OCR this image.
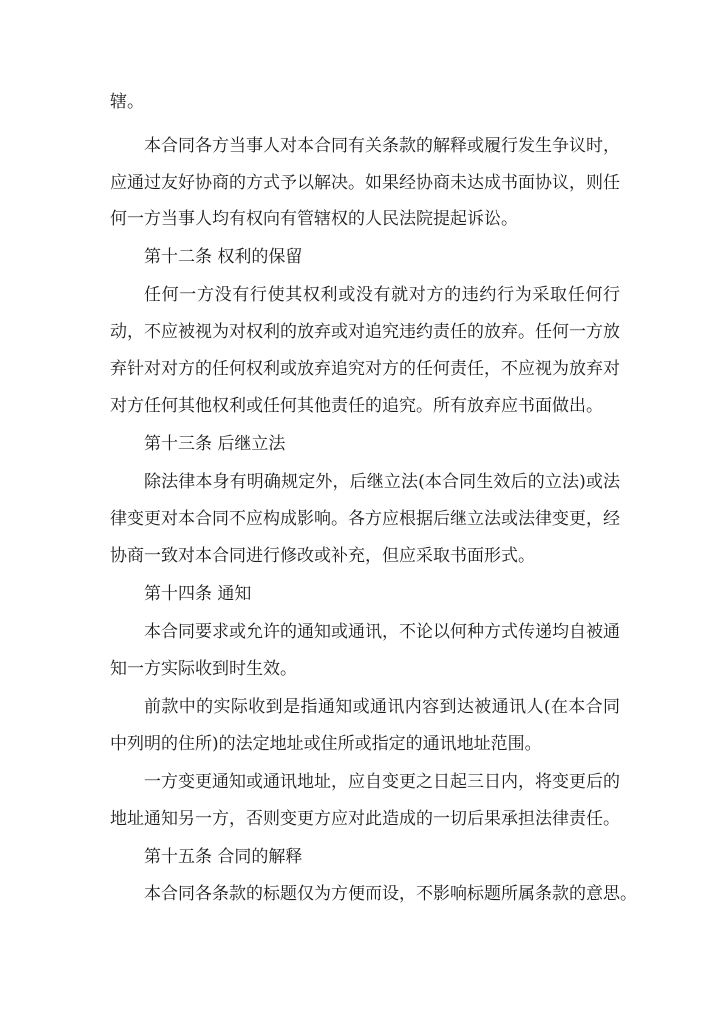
辖。
本合同各方当事人对本合同有关条款的解释或履行发生争议时，
应通过友好协商的方式予以解决。如果经协商未达成书面协议，则任
何一方当事人均有权向有管辖权的人民法院提起诉讼。
第十二条 权利的保留
任何一方没有行使其权利或没有就对方的违约行为采取任何行
动，不应被视为对权利的放弃或对追究违约责任的放弃。任何一方放
弃针对对方的任何权利或放弃追究对方的任何责任，不应视为放弃对
对方任何其他权利或任何其他责任的追究。所有放弃应书面做出。
第十三条 后继立法
除法律本身有明确规定外，后继立法(本合同生效后的立法)或法
律变更对本合同不应构成影响。各方应根据后继立法或法律变更，经
协商一致对本合同进行修改或补充，但应采取书面形式。
第十四条 通知
本合同要求或允许的通知或通讯，不论以何种方式传递均自被通
知一方实际收到时生效。
前款中的实际收到是指通知或通讯内容到达被通讯人(在本合同
中列明的住所)的法定地址或住所或指定的通讯地址范围。
一方变更通知或通讯地址，应自变更之日起三日内，将变更后的
地址通知另一方，否则变更方应对此造成的一切后果承担法律责任。
第十五条 合同的解释
本合同各条款的标题仅为方便而设，不影响标题所属条款的意思。
